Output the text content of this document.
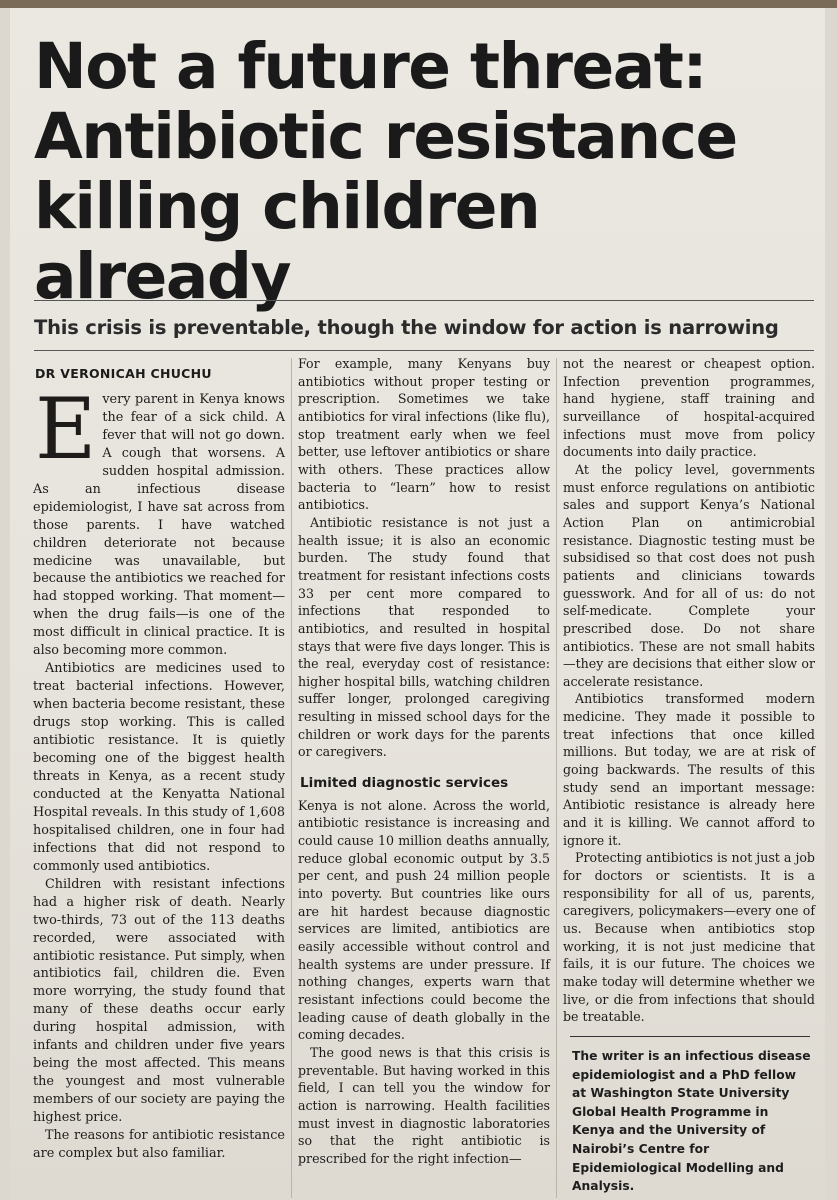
Not a future threat:
Antibiotic resistance
killing children already
This crisis is preventable, though the window for action is narrowing
DR VERONICAH CHUCHU

Every parent in Kenya knows the fear of a sick child. A fever that will not go down. A cough that worsens. A sudden hospital admission. As an infectious disease epidemiologist, I have sat across from those parents. I have watched children deteriorate not because medicine was unavailable, but because the antibiotics we reached for had stopped working. That moment—when the drug fails—is one of the most difficult in clinical practice. It is also becoming more common.

Antibiotics are medicines used to treat bacterial infections. However, when bacteria become resistant, these drugs stop working. This is called antibiotic resistance. It is quietly becoming one of the biggest health threats in Kenya, as a recent study conducted at the Kenyatta National Hospital reveals. In this study of 1,608 hospitalised children, one in four had infections that did not respond to commonly used antibiotics.

Children with resistant infections had a higher risk of death. Nearly two-thirds, 73 out of the 113 deaths recorded, were associated with antibiotic resistance. Put simply, when antibiotics fail, children die. Even more worrying, the study found that many of these deaths occur early during hospital admission, with infants and children under five years being the most affected. This means the youngest and most vulnerable members of our society are paying the highest price.

The reasons for antibiotic resistance are complex but also familiar.

For example, many Kenyans buy antibiotics without proper testing or prescription. Sometimes we take antibiotics for viral infections (like flu), stop treatment early when we feel better, use leftover antibiotics or share with others. These practices allow bacteria to “learn” how to resist antibiotics.

Antibiotic resistance is not just a health issue; it is also an economic burden. The study found that treatment for resistant infections costs 33 per cent more compared to infections that responded to antibiotics, and resulted in hospital stays that were five days longer. This is the real, everyday cost of resistance: higher hospital bills, watching children suffer longer, prolonged caregiving resulting in missed school days for the children or work days for the parents or caregivers.

Limited diagnostic services

Kenya is not alone. Across the world, antibiotic resistance is increasing and could cause 10 million deaths annually, reduce global economic output by 3.5 per cent, and push 24 million people into poverty. But countries like ours are hit hardest because diagnostic services are limited, antibiotics are easily accessible without control and health systems are under pressure. If nothing changes, experts warn that resistant infections could become the leading cause of death globally in the coming decades.

The good news is that this crisis is preventable. But having worked in this field, I can tell you the window for action is narrowing. Health facilities must invest in diagnostic laboratories so that the right antibiotic is prescribed for the right infection—

not the nearest or cheapest option. Infection prevention programmes, hand hygiene, staff training and surveillance of hospital-acquired infections must move from policy documents into daily practice.

At the policy level, governments must enforce regulations on antibiotic sales and support Kenya’s National Action Plan on antimicrobial resistance. Diagnostic testing must be subsidised so that cost does not push patients and clinicians towards guesswork. And for all of us: do not self-medicate. Complete your prescribed dose. Do not share antibiotics. These are not small habits—they are decisions that either slow or accelerate resistance.

Antibiotics transformed modern medicine. They made it possible to treat infections that once killed millions. But today, we are at risk of going backwards. The results of this study send an important message: Antibiotic resistance is already here and it is killing. We cannot afford to ignore it.

Protecting antibiotics is not just a job for doctors or scientists. It is a responsibility for all of us, parents, caregivers, policymakers—every one of us. Because when antibiotics stop working, it is not just medicine that fails, it is our future. The choices we make today will determine whether we live, or die from infections that should be treatable.

The writer is an infectious disease epidemiologist and a PhD fellow at Washington State University Global Health Programme in Kenya and the University of Nairobi’s Centre for Epidemiological Modelling and Analysis.
